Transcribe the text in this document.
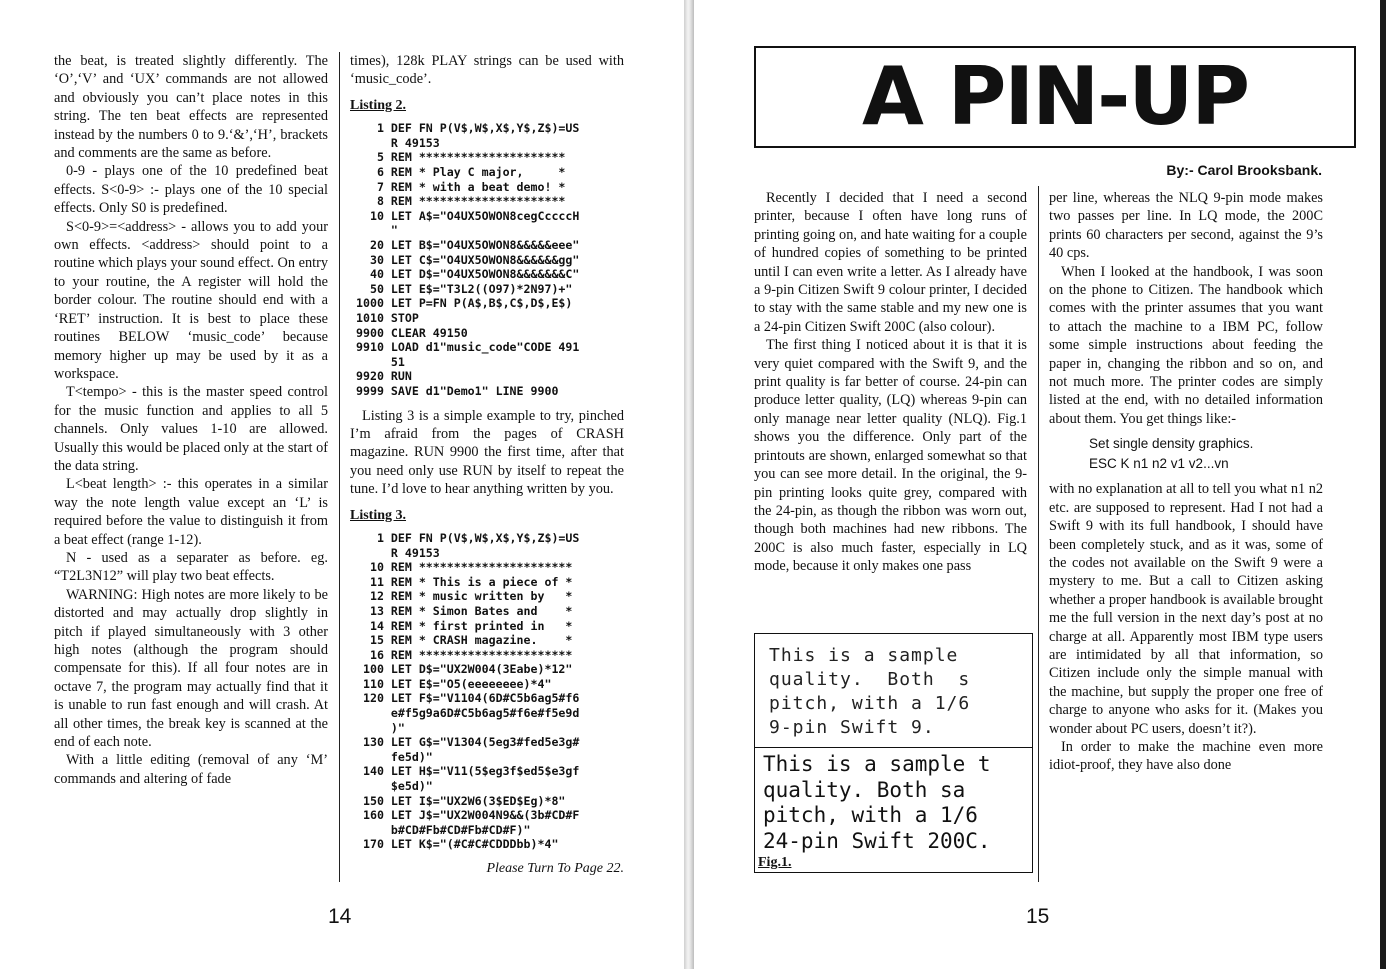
the beat, is treated slightly differently. The ‘O’,‘V’ and ‘UX’ commands are not allowed and obviously you can’t place notes in this string. The ten beat effects are represented instead by the numbers 0 to 9.‘&’,‘H’, brackets and comments are the same as before.

0-9 - plays one of the 10 predefined beat effects. S<0-9> :- plays one of the 10 special effects. Only S0 is predefined.

S<0-9>=<address> - allows you to add your own effects. <address> should point to a routine which plays your sound effect. On entry to your routine, the A register will hold the border colour. The routine should end with a ‘RET’ instruction. It is best to place these routines BELOW ‘music_code’ because memory higher up may be used by it as a workspace.

T<tempo> - this is the master speed control for the music function and applies to all 5 channels. Only values 1-10 are allowed. Usually this would be placed only at the start of the data string.

L<beat length> :- this operates in a similar way the note length value except an ‘L’ is required before the value to distinguish it from a beat effect (range 1-12).

N - used as a separater as before. eg. “T2L3N12” will play two beat effects.

WARNING: High notes are more likely to be distorted and may actually drop slightly in pitch if played simultaneously with 3 other high notes (although the program should compensate for this). If all four notes are in octave 7, the program may actually find that it is unable to run fast enough and will crash. At all other times, the break key is scanned at the end of each note.

With a little editing (removal of any ‘M’ commands and altering of fade

times), 128k PLAY strings can be used with ‘music_code’.

Listing 2.
1 DEF FN P(V$,W$,X$,Y$,Z$)=US
R 49153
5 REM *********************
6 REM * Play C major,     *
7 REM * with a beat demo! *
8 REM *********************
10 LET A$="O4UX5OWON8cegCccccH
"
20 LET B$="O4UX5OWON8&&&&&eee"
30 LET C$="O4UX5OWON8&&&&&&gg"
40 LET D$="O4UX5OWON8&&&&&&&C"
50 LET E$="T3L2((O97)*2N97)+"
1000 LET P=FN P(A$,B$,C$,D$,E$)
1010 STOP
9900 CLEAR 49150
9910 LOAD d1"music_code"CODE 491
51
9920 RUN
9999 SAVE d1"Demo1" LINE 9900

Listing 3 is a simple example to try, pinched I’m afraid from the pages of CRASH magazine. RUN 9900 the first time, after that you need only use RUN by itself to repeat the tune. I’d love to hear anything written by you.

Listing 3.
1 DEF FN P(V$,W$,X$,Y$,Z$)=US
R 49153
10 REM **********************
11 REM * This is a piece of *
12 REM * music written by   *
13 REM * Simon Bates and    *
14 REM * first printed in   *
15 REM * CRASH magazine.    *
16 REM **********************
100 LET D$="UX2W004(3Eabe)*12"
110 LET E$="O5(eeeeeeee)*4"
120 LET F$="V1104(6D#C5b6ag5#f6
e#f5g9a6D#C5b6ag5#f6e#f5e9d
)"
130 LET G$="V1304(5eg3#fed5e3g#
fe5d)"
140 LET H$="V11(5$eg3f$ed5$e3gf
$e5d)"
150 LET I$="UX2W6(3$ED$Eg)*8"
160 LET J$="UX2W004N9&&(3b#CD#F
b#CD#Fb#CD#Fb#CD#F)"
170 LET K$="(#C#C#CDDDbb)*4"
Please Turn To Page 22.
14
A PIN-UP
By:- Carol Brooksbank.

Recently I decided that I need a second printer, because I often have long runs of printing going on, and hate waiting for a couple of hundred copies of something to be printed until I can even write a letter. As I already have a 9-pin Citizen Swift 9 colour printer, I decided to stay with the same stable and my new one is a 24-pin Citizen Swift 200C (also colour).

The first thing I noticed about it is that it is very quiet compared with the Swift 9, and the print quality is far better of course. 24-pin can produce letter quality, (LQ) whereas 9-pin can only manage near letter quality (NLQ). Fig.1 shows you the difference. Only part of the printouts are shown, enlarged somewhat so that you can see more detail. In the original, the 9-pin printing looks quite grey, compared with the 24-pin, as though the ribbon was worn out, though both machines had new ribbons. The 200C is also much faster, especially in LQ mode, because it only makes one pass

This is a sample
quality.  Both  s
pitch, with a 1/6
9-pin Swift 9.
This is a sample t
quality. Both sa
pitch, with a 1/6
24-pin Swift 200C.
Fig.1.

per line, whereas the NLQ 9-pin mode makes two passes per line. In LQ mode, the 200C prints 60 characters per second, against the 9’s 40 cps.

When I looked at the handbook, I was soon on the phone to Citizen. The handbook which comes with the printer assumes that you want to attach the machine to a IBM PC, follow some simple instructions about feeding the paper in, changing the ribbon and so on, and not much more. The printer codes are simply listed at the end, with no detailed information about them. You get things like:-

Set single density graphics.
ESC K n1 n2 v1 v2...vn

with no explanation at all to tell you what n1 n2 etc. are supposed to represent. Had I not had a Swift 9 with its full handbook, I should have been completely stuck, and as it was, some of the codes not available on the Swift 9 were a mystery to me. But a call to Citizen asking whether a proper handbook is available brought me the full version in the next day’s post at no charge at all. Apparently most IBM type users are intimidated by all that information, so Citizen include only the simple manual with the machine, but supply the proper one free of charge to anyone who asks for it. (Makes you wonder about PC users, doesn’t it?).

In order to make the machine even more idiot-proof, they have also done

15
